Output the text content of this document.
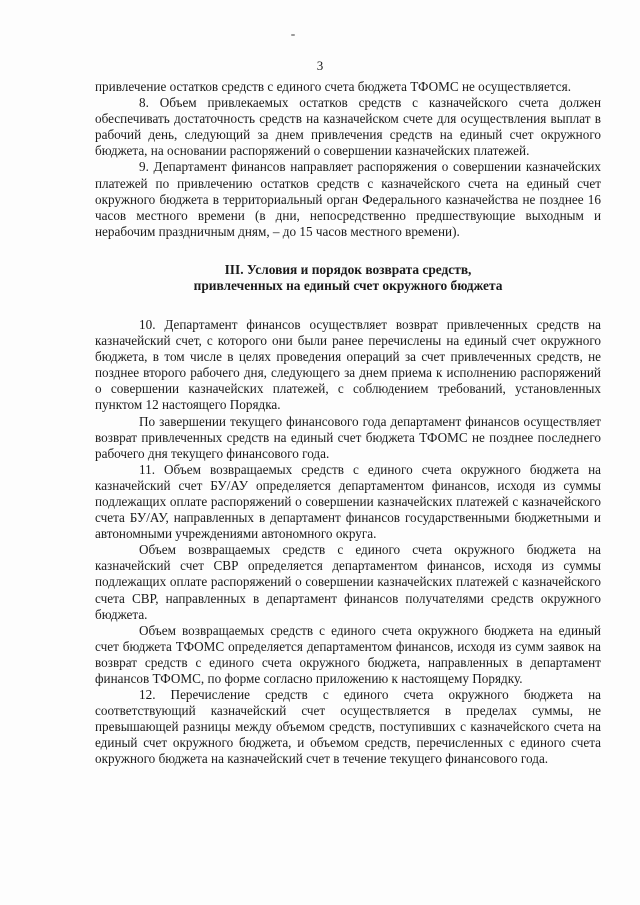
3

привлечение остатков средств с единого счета бюджета ТФОМС не осуществляется.

8. Объем привлекаемых остатков средств с казначейского счета должен обеспечивать достаточность средств на казначейском счете для осуществления выплат в рабочий день, следующий за днем привлечения средств на единый счет окружного бюджета, на основании распоряжений о совершении казначейских платежей.

9. Департамент финансов направляет распоряжения о совершении казначейских платежей по привлечению остатков средств с казначейского счета на единый счет окружного бюджета в территориальный орган Федерального казначейства не позднее 16 часов местного времени (в дни, непосредственно предшествующие выходным и нерабочим праздничным дням, – до 15 часов местного времени).

III. Условия и порядок возврата средств,
привлеченных на единый счет окружного бюджета

10. Департамент финансов осуществляет возврат привлеченных средств на казначейский счет, с которого они были ранее перечислены на единый счет окружного бюджета, в том числе в целях проведения операций за счет привлеченных средств, не позднее второго рабочего дня, следующего за днем приема к исполнению распоряжений о совершении казначейских платежей, с соблюдением требований, установленных пунктом 12 настоящего Порядка.

По завершении текущего финансового года департамент финансов осуществляет возврат привлеченных средств на единый счет бюджета ТФОМС не позднее последнего рабочего дня текущего финансового года.

11. Объем возвращаемых средств с единого счета окружного бюджета на казначейский счет БУ/АУ определяется департаментом финансов, исходя из суммы подлежащих оплате распоряжений о совершении казначейских платежей с казначейского счета БУ/АУ, направленных в департамент финансов государственными бюджетными и автономными учреждениями автономного округа.

Объем возвращаемых средств с единого счета окружного бюджета на казначейский счет СВР определяется департаментом финансов, исходя из суммы подлежащих оплате распоряжений о совершении казначейских платежей с казначейского счета СВР, направленных в департамент финансов получателями средств окружного бюджета.

Объем возвращаемых средств с единого счета окружного бюджета на единый счет бюджета ТФОМС определяется департаментом финансов, исходя из сумм заявок на возврат средств с единого счета окружного бюджета, направленных в департамент финансов ТФОМС, по форме согласно приложению к настоящему Порядку.

12. Перечисление средств с единого счета окружного бюджета на соответствующий казначейский счет осуществляется в пределах суммы, не превышающей разницы между объемом средств, поступивших с казначейского счета на единый счет окружного бюджета, и объемом средств, перечисленных с единого счета окружного бюджета на казначейский счет в течение текущего финансового года.
